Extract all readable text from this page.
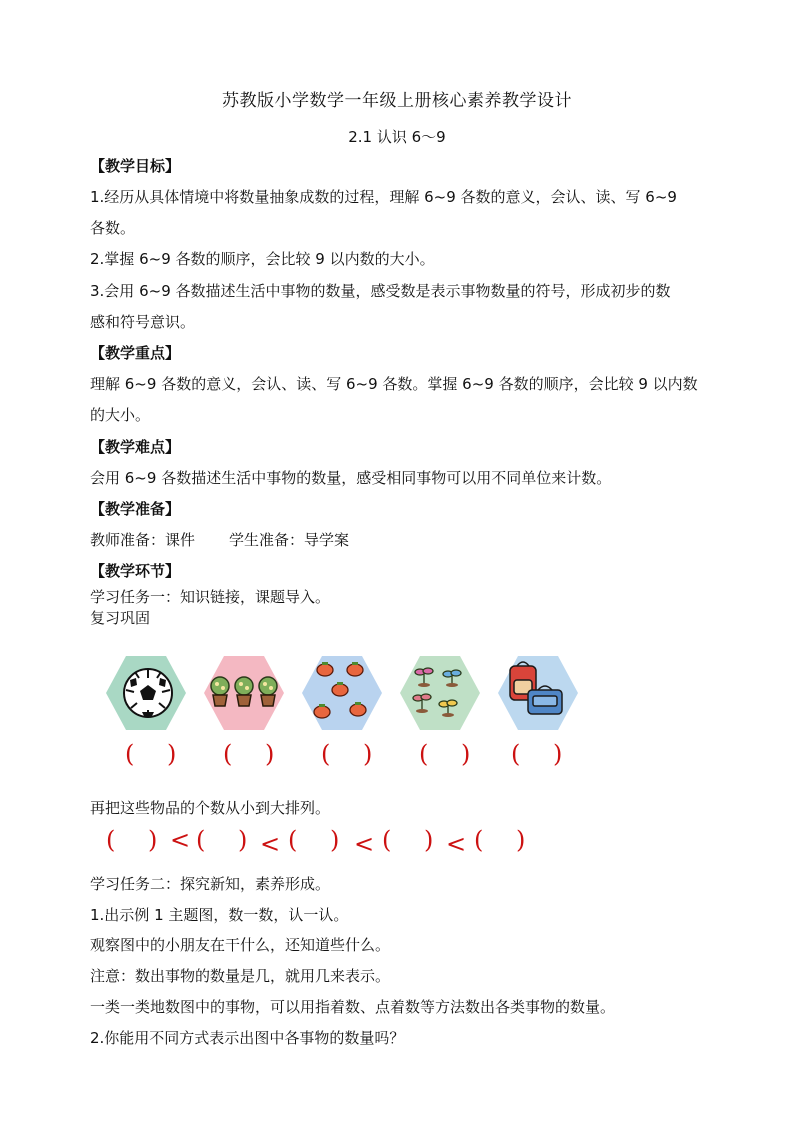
苏教版小学数学一年级上册核心素养教学设计
2.1 认识 6～9
【教学目标】
1.经历从具体情境中将数量抽象成数的过程，理解 6~9 各数的意义，会认、读、写 6~9
各数。
2.掌握 6~9 各数的顺序，会比较 9 以内数的大小。
3.会用 6~9 各数描述生活中事物的数量，感受数是表示事物数量的符号，形成初步的数
感和符号意识。
【教学重点】
理解 6~9 各数的意义，会认、读、写 6~9 各数。掌握 6~9 各数的顺序，会比较 9 以内数
的大小。
【教学难点】
会用 6~9 各数描述生活中事物的数量，感受相同事物可以用不同单位来计数。
【教学准备】
教师准备：课件 学生准备：导学案
【教学环节】
学习任务一：知识链接，课题导入。
复习巩固
( ) ( ) ( ) ( ) ( )
再把这些物品的个数从小到大排列。
( ) < ( ) < ( ) < ( ) < ( )
学习任务二：探究新知，素养形成。
1.出示例 1 主题图，数一数，认一认。
观察图中的小朋友在干什么，还知道些什么。
注意：数出事物的数量是几，就用几来表示。
一类一类地数图中的事物，可以用指着数、点着数等方法数出各类事物的数量。
2.你能用不同方式表示出图中各事物的数量吗？
